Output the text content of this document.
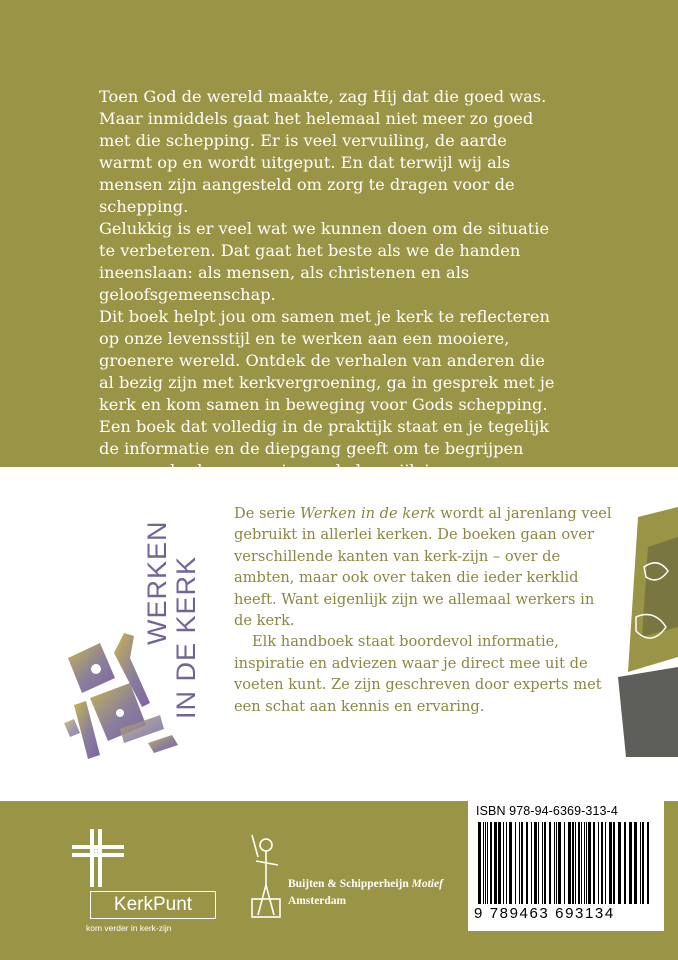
Toen God de wereld maakte, zag Hij dat die goed was.

Maar inmiddels gaat het helemaal niet meer zo goed met die schepping. Er is veel vervuiling, de aarde warmt op en wordt uitgeput. En dat terwijl wij als mensen zijn aangesteld om zorg te dragen voor de schepping.

Gelukkig is er veel wat we kunnen doen om de situatie te verbeteren. Dat gaat het beste als we de handen ineenslaan: als mensen, als christenen en als geloofsgemeenschap.

Dit boek helpt jou om samen met je kerk te reflecteren op onze levensstijl en te werken aan een mooiere, groenere wereld. Ontdek de verhalen van anderen die al bezig zijn met kerkvergroening, ga in gesprek met je kerk en kom samen in beweging voor Gods schepping.

Een boek dat volledig in de praktijk staat en je tegelijk de informatie en de diepgang geeft om te begrijpen

WERKEN IN DE KERK

De serie Werken in de kerk wordt al jarenlang veel gebruikt in allerlei kerken. De boeken gaan over verschillende kanten van kerk-zijn – over de ambten, maar ook over taken die ieder kerklid heeft. Want eigenlijk zijn we allemaal werkers in de kerk.

Elk handboek staat boordevol informatie, inspiratie en adviezen waar je direct mee uit de voeten kunt. Ze zijn geschreven door experts met een schat aan kennis en ervaring.

KerkPunt
kom verder in kerk-zijn
Buijten & Schipperheijn Motief
Amsterdam
ISBN 978-94-6369-313-4
9 789463 693134
